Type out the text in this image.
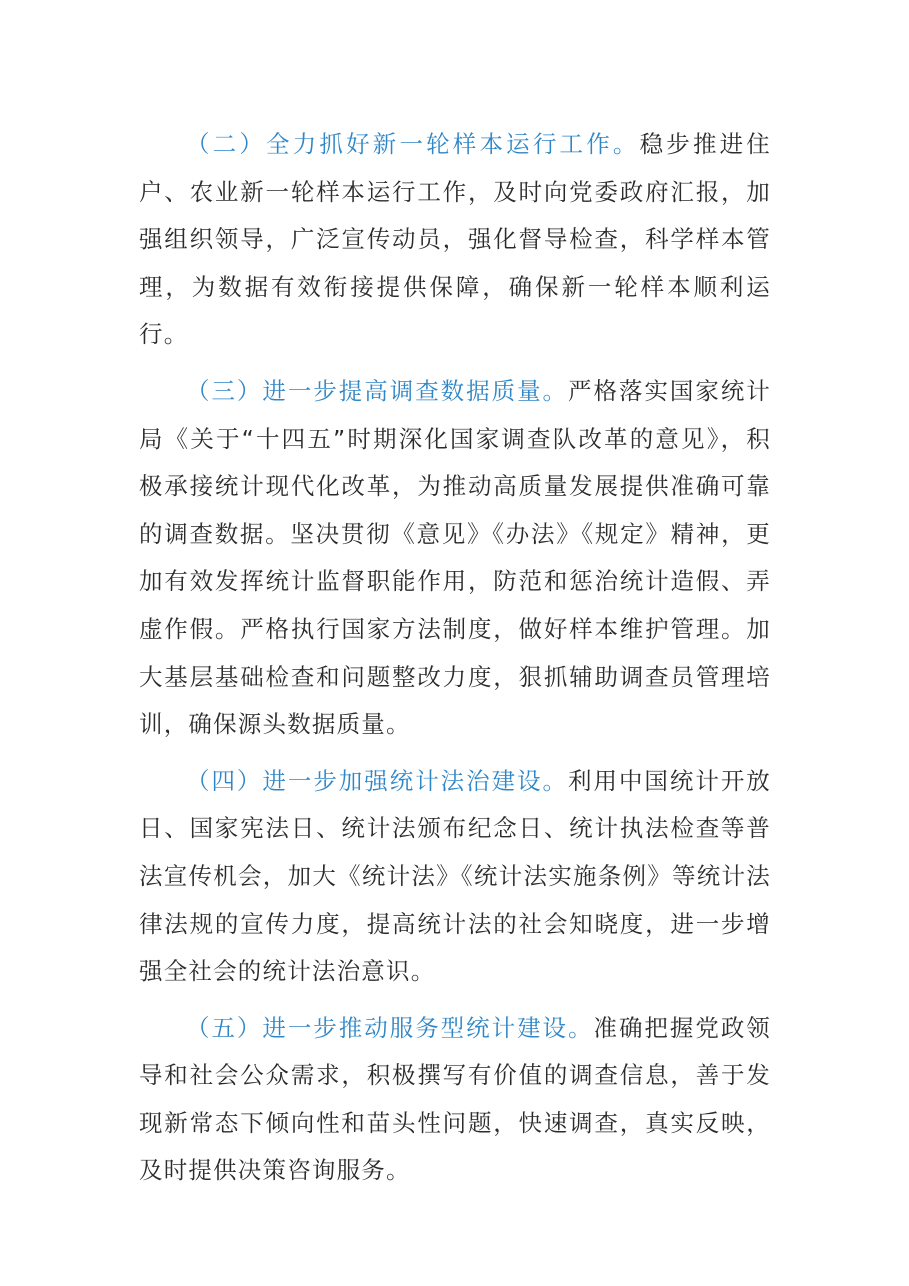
（二）全力抓好新一轮样本运行工作。稳步推进住户、农业新一轮样本运行工作，及时向党委政府汇报，加强组织领导，广泛宣传动员，强化督导检查，科学样本管理，为数据有效衔接提供保障，确保新一轮样本顺利运行。

（三）进一步提高调查数据质量。严格落实国家统计局《关于“十四五”时期深化国家调查队改革的意见》，积极承接统计现代化改革，为推动高质量发展提供准确可靠的调查数据。坚决贯彻《意见》《办法》《规定》精神，更加有效发挥统计监督职能作用，防范和惩治统计造假、弄虚作假。严格执行国家方法制度，做好样本维护管理。加大基层基础检查和问题整改力度，狠抓辅助调查员管理培训，确保源头数据质量。

（四）进一步加强统计法治建设。利用中国统计开放日、国家宪法日、统计法颁布纪念日、统计执法检查等普法宣传机会，加大《统计法》《统计法实施条例》等统计法律法规的宣传力度，提高统计法的社会知晓度，进一步增强全社会的统计法治意识。

（五）进一步推动服务型统计建设。准确把握党政领导和社会公众需求，积极撰写有价值的调查信息，善于发现新常态下倾向性和苗头性问题，快速调查，真实反映，及时提供决策咨询服务。
